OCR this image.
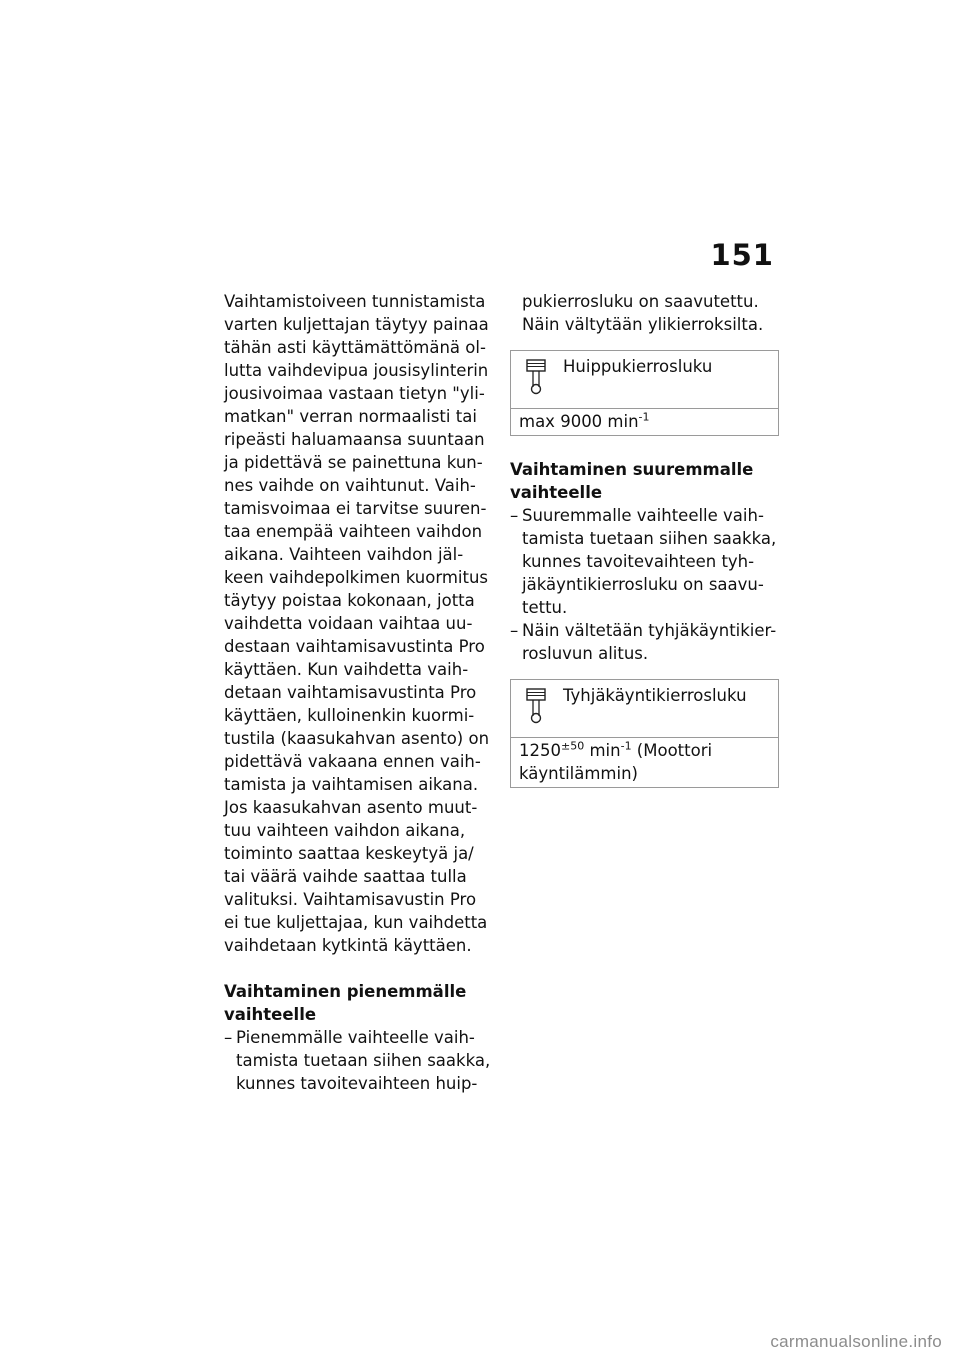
151

Vaihtamistoiveen tunnistamista
varten kuljettajan täytyy painaa
tähän asti käyttämättömänä ol-
lutta vaihdevipua jousisylinterin
jousivoimaa vastaan tietyn "yli-
matkan" verran normaalisti tai
ripeästi haluamaansa suuntaan
ja pidettävä se painettuna kun-
nes vaihde on vaihtunut. Vaih-
tamisvoimaa ei tarvitse suuren-
taa enempää vaihteen vaihdon
aikana. Vaihteen vaihdon jäl-
keen vaihdepolkimen kuormitus
täytyy poistaa kokonaan, jotta
vaihdetta voidaan vaihtaa uu-
destaan vaihtamisavustinta Pro
käyttäen. Kun vaihdetta vaih-
detaan vaihtamisavustinta Pro
käyttäen, kulloinenkin kuormi-
tustila (kaasukahvan asento) on
pidettävä vakaana ennen vaih-
tamista ja vaihtamisen aikana.
Jos kaasukahvan asento muut-
tuu vaihteen vaihdon aikana,
toiminto saattaa keskeytyä ja/
tai väärä vaihde saattaa tulla
valituksi. Vaihtamisavustin Pro
ei tue kuljettajaa, kun vaihdetta
vaihdetaan kytkintä käyttäen.

Vaihtaminen pienemmälle
vaihteelle

– Pienemmälle vaihteelle vaih-
tamista tuetaan siihen saakka,
kunnes tavoitevaihteen huip-

pukierrosluku on saavutettu.
Näin vältytään ylikierroksilta.

Huippukierrosluku
max 9000 $\min^{-1}$

Vaihtaminen suuremmalle
vaihteelle

– Suuremmalle vaihteelle vaih-
tamista tuetaan siihen saakka,
kunnes tavoitevaihteen tyh-
jäkäyntikierrosluku on saavu-
tettu.
– Näin vältetään tyhjäkäyntikier-
rosluvun alitus.
Tyhjäkäyntikierrosluku
$1250^{\pm 50}$ $\min^{-1}$ (Moottori
käyntilämmin)
carmanualsonline.info
